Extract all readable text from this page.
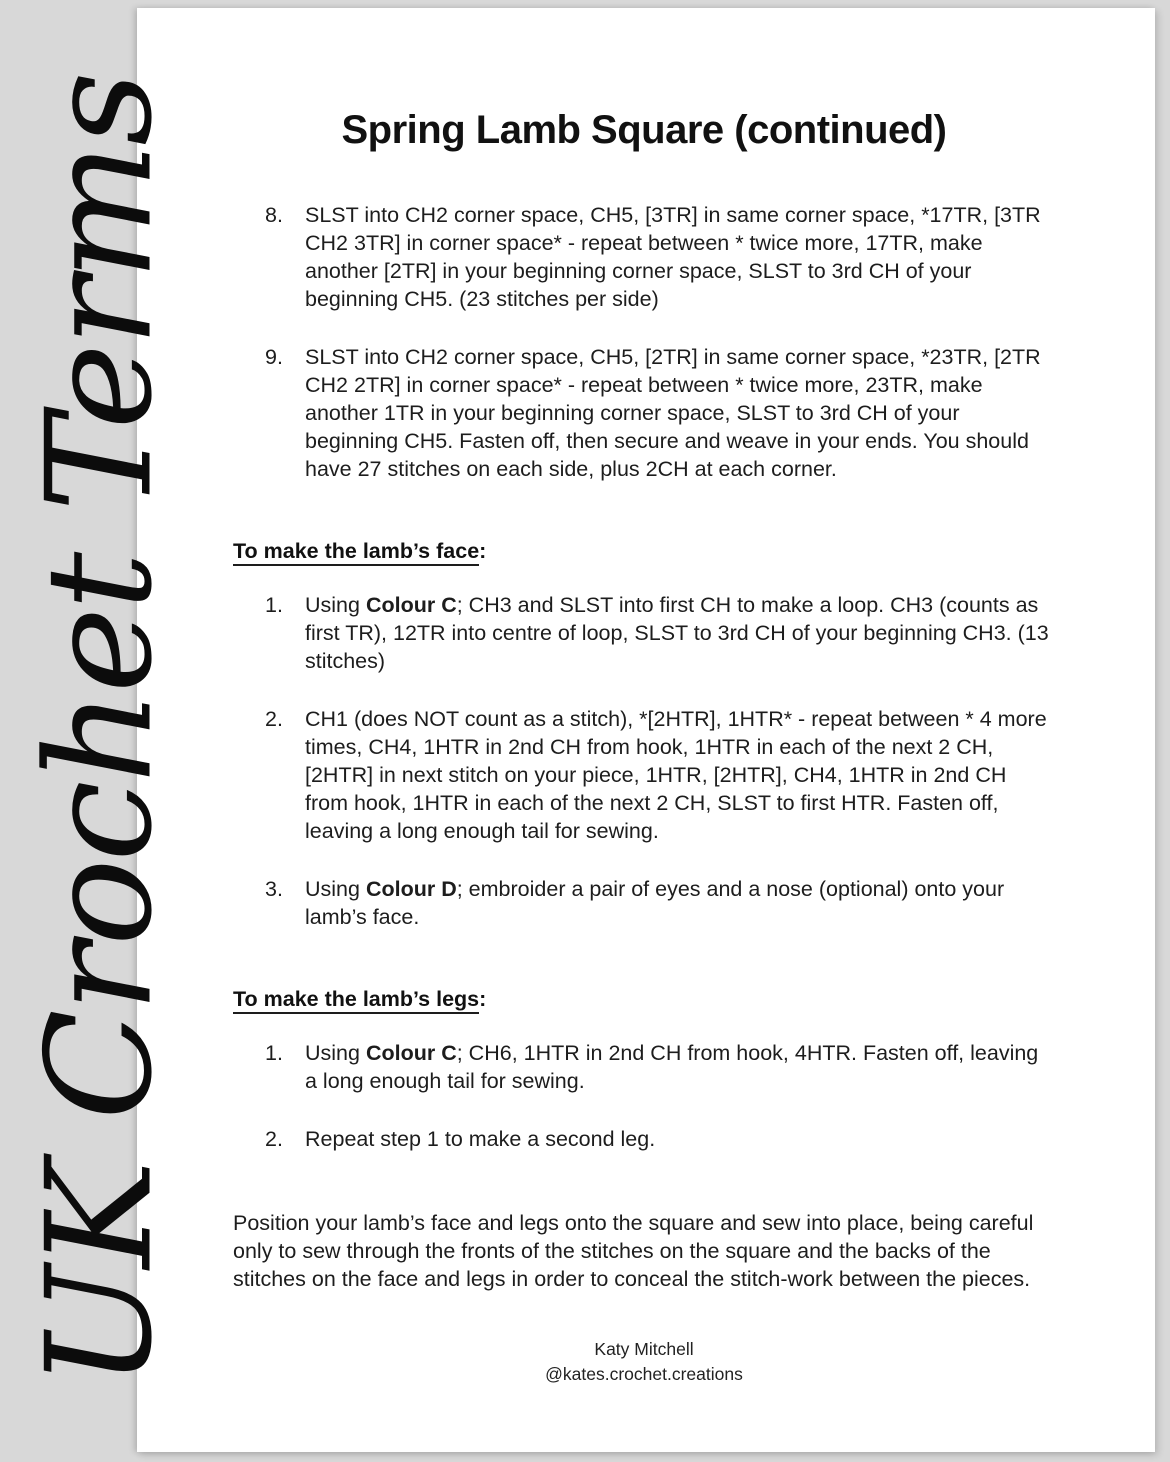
UK Crochet Terms	Spring Lamb Square (continued)
8.	SLST into CH2 corner space, CH5, [3TR] in same corner space, *17TR, [3TR CH2 3TR] in corner space* - repeat between * twice more, 17TR, make another [2TR] in your beginning corner space, SLST to 3rd CH of your beginning CH5. (23 stitches per side)
9.	SLST into CH2 corner space, CH5, [2TR] in same corner space, *23TR, [2TR CH2 2TR] in corner space* - repeat between * twice more, 23TR, make another 1TR in your beginning corner space, SLST to 3rd CH of your beginning CH5. Fasten off, then secure and weave in your ends. You should have 27 stitches on each side, plus 2CH at each corner.
To make the lamb’s face:
1.	Using Colour C; CH3 and SLST into first CH to make a loop. CH3 (counts as first TR), 12TR into centre of loop, SLST to 3rd CH of your beginning CH3. (13 stitches)
2.	CH1 (does NOT count as a stitch), *[2HTR], 1HTR* - repeat between * 4 more times, CH4, 1HTR in 2nd CH from hook, 1HTR in each of the next 2 CH, [2HTR] in next stitch on your piece, 1HTR, [2HTR], CH4, 1HTR in 2nd CH from hook, 1HTR in each of the next 2 CH, SLST to first HTR. Fasten off, leaving a long enough tail for sewing.
3.	Using Colour D; embroider a pair of eyes and a nose (optional) onto your lamb’s face.
To make the lamb’s legs:
1.	Using Colour C; CH6, 1HTR in 2nd CH from hook, 4HTR. Fasten off, leaving a long enough tail for sewing.
2.	Repeat step 1 to make a second leg.

Position your lamb’s face and legs onto the square and sew into place, being careful only to sew through the fronts of the stitches on the square and the backs of the stitches on the face and legs in order to conceal the stitch-work between the pieces.

Katy Mitchell
@kates.crochet.creations
